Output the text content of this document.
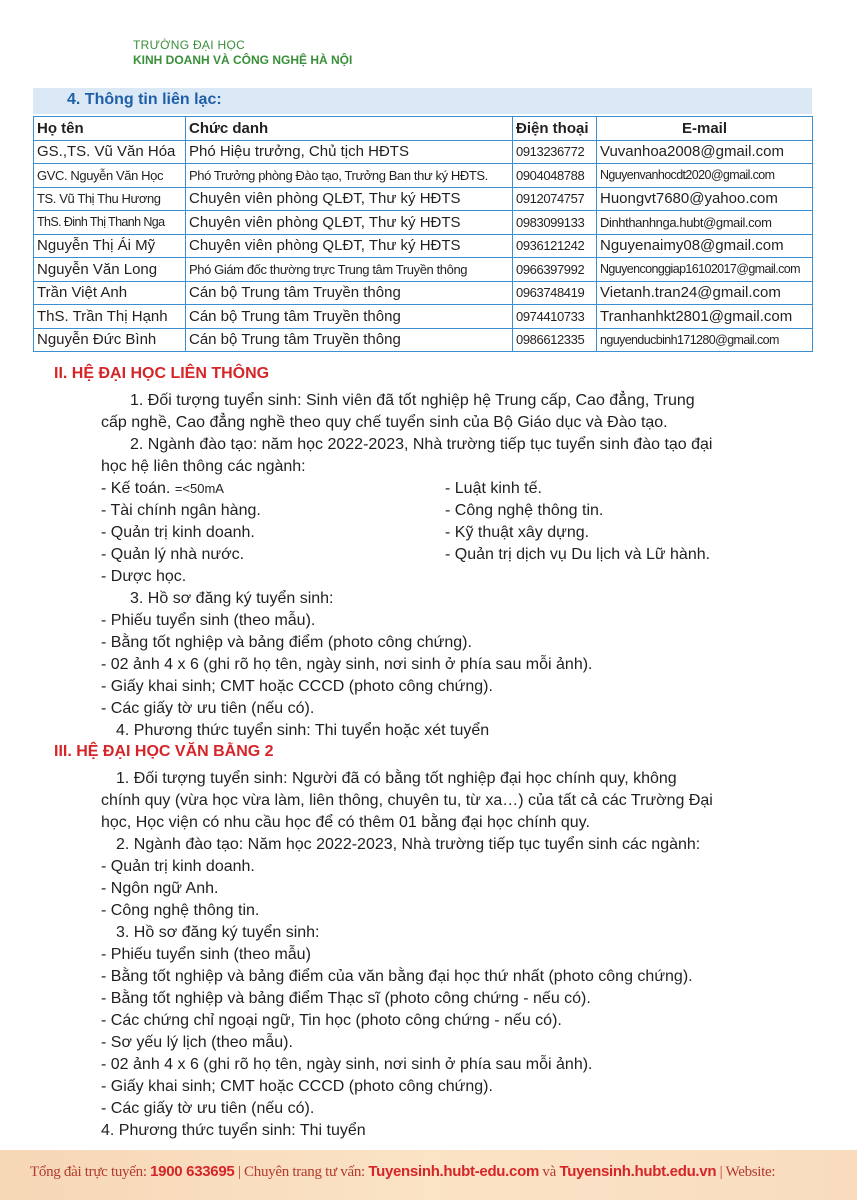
TRƯỜNG ĐẠI HỌC
KINH DOANH VÀ CÔNG NGHỆ HÀ NỘI
4. Thông tin liên lạc:
Họ tên	Chức danh	Điện thoại	E-mail
GS.,TS. Vũ Văn Hóa	Phó Hiệu trưởng, Chủ tịch HĐTS	0913236772	Vuvanhoa2008@gmail.com
GVC. Nguyễn Văn Học	Phó Trưởng phòng Đào tạo, Trưởng Ban thư ký HĐTS.	0904048788	Nguyenvanhocdt2020@gmail.com
TS. Vũ Thị Thu Hương	Chuyên viên phòng QLĐT, Thư ký HĐTS	0912074757	Huongvt7680@yahoo.com
ThS. Đinh Thị Thanh Nga	Chuyên viên phòng QLĐT, Thư ký HĐTS	0983099133	Dinhthanhnga.hubt@gmail.com
Nguyễn Thị Ái Mỹ	Chuyên viên phòng QLĐT, Thư ký HĐTS	0936121242	Nguyenaimy08@gmail.com
Nguyễn Văn Long	Phó Giám đốc thường trực Trung tâm Truyền thông	0966397992	Nguyenconggiap16102017@gmail.com
Trần Việt Anh	Cán bộ Trung tâm Truyền thông	0963748419	Vietanh.tran24@gmail.com
ThS. Trần Thị Hạnh	Cán bộ Trung tâm Truyền thông	0974410733	Tranhanhkt2801@gmail.com
Nguyễn Đức Bình	Cán bộ Trung tâm Truyền thông	0986612335	nguyenducbinh171280@gmail.com
II. HỆ ĐẠI HỌC LIÊN THÔNG
1. Đối tượng tuyển sinh: Sinh viên đã tốt nghiệp hệ Trung cấp, Cao đẳng, Trung
cấp nghề, Cao đẳng nghề theo quy chế tuyển sinh của Bộ Giáo dục và Đào tạo.
2. Ngành đào tạo: năm học 2022-2023, Nhà trường tiếp tục tuyển sinh đào tạo đại
học hệ liên thông các ngành:
- Kế toán. =<50mA
- Tài chính ngân hàng.
- Quản trị kinh doanh.
- Quản lý nhà nước.
- Dược học.
- Luật kinh tế.
- Công nghệ thông tin.
- Kỹ thuật xây dựng.
- Quản trị dịch vụ Du lịch và Lữ hành.
3. Hồ sơ đăng ký tuyển sinh:
- Phiếu tuyển sinh (theo mẫu).
- Bằng tốt nghiệp và bảng điểm (photo công chứng).
- 02 ảnh 4 x 6 (ghi rõ họ tên, ngày sinh, nơi sinh ở phía sau mỗi ảnh).
- Giấy khai sinh; CMT hoặc CCCD (photo công chứng).
- Các giấy tờ ưu tiên (nếu có).
4. Phương thức tuyển sinh: Thi tuyển hoặc xét tuyển
III. HỆ ĐẠI HỌC VĂN BẰNG 2
1. Đối tượng tuyển sinh: Người đã có bằng tốt nghiệp đại học chính quy, không
chính quy (vừa học vừa làm, liên thông, chuyên tu, từ xa…) của tất cả các Trường Đại
học, Học viện có nhu cầu học để có thêm 01 bằng đại học chính quy.
2. Ngành đào tạo: Năm học 2022-2023, Nhà trường tiếp tục tuyển sinh các ngành:
- Quản trị kinh doanh.
- Ngôn ngữ Anh.
- Công nghệ thông tin.
3. Hồ sơ đăng ký tuyển sinh:
- Phiếu tuyển sinh (theo mẫu)
- Bằng tốt nghiệp và bảng điểm của văn bằng đại học thứ nhất (photo công chứng).
- Bằng tốt nghiệp và bảng điểm Thạc sĩ (photo công chứng - nếu có).
- Các chứng chỉ ngoại ngữ, Tin học (photo công chứng - nếu có).
- Sơ yếu lý lịch (theo mẫu).
- 02 ảnh 4 x 6 (ghi rõ họ tên, ngày sinh, nơi sinh ở phía sau mỗi ảnh).
- Giấy khai sinh; CMT hoặc CCCD (photo công chứng).
- Các giấy tờ ưu tiên (nếu có).
4. Phương thức tuyển sinh: Thi tuyển
Tổng đài trực tuyến: 1900 633695 | Chuyên trang tư vấn: Tuyensinh.hubt-edu.com và Tuyensinh.hubt.edu.vn | Website:
